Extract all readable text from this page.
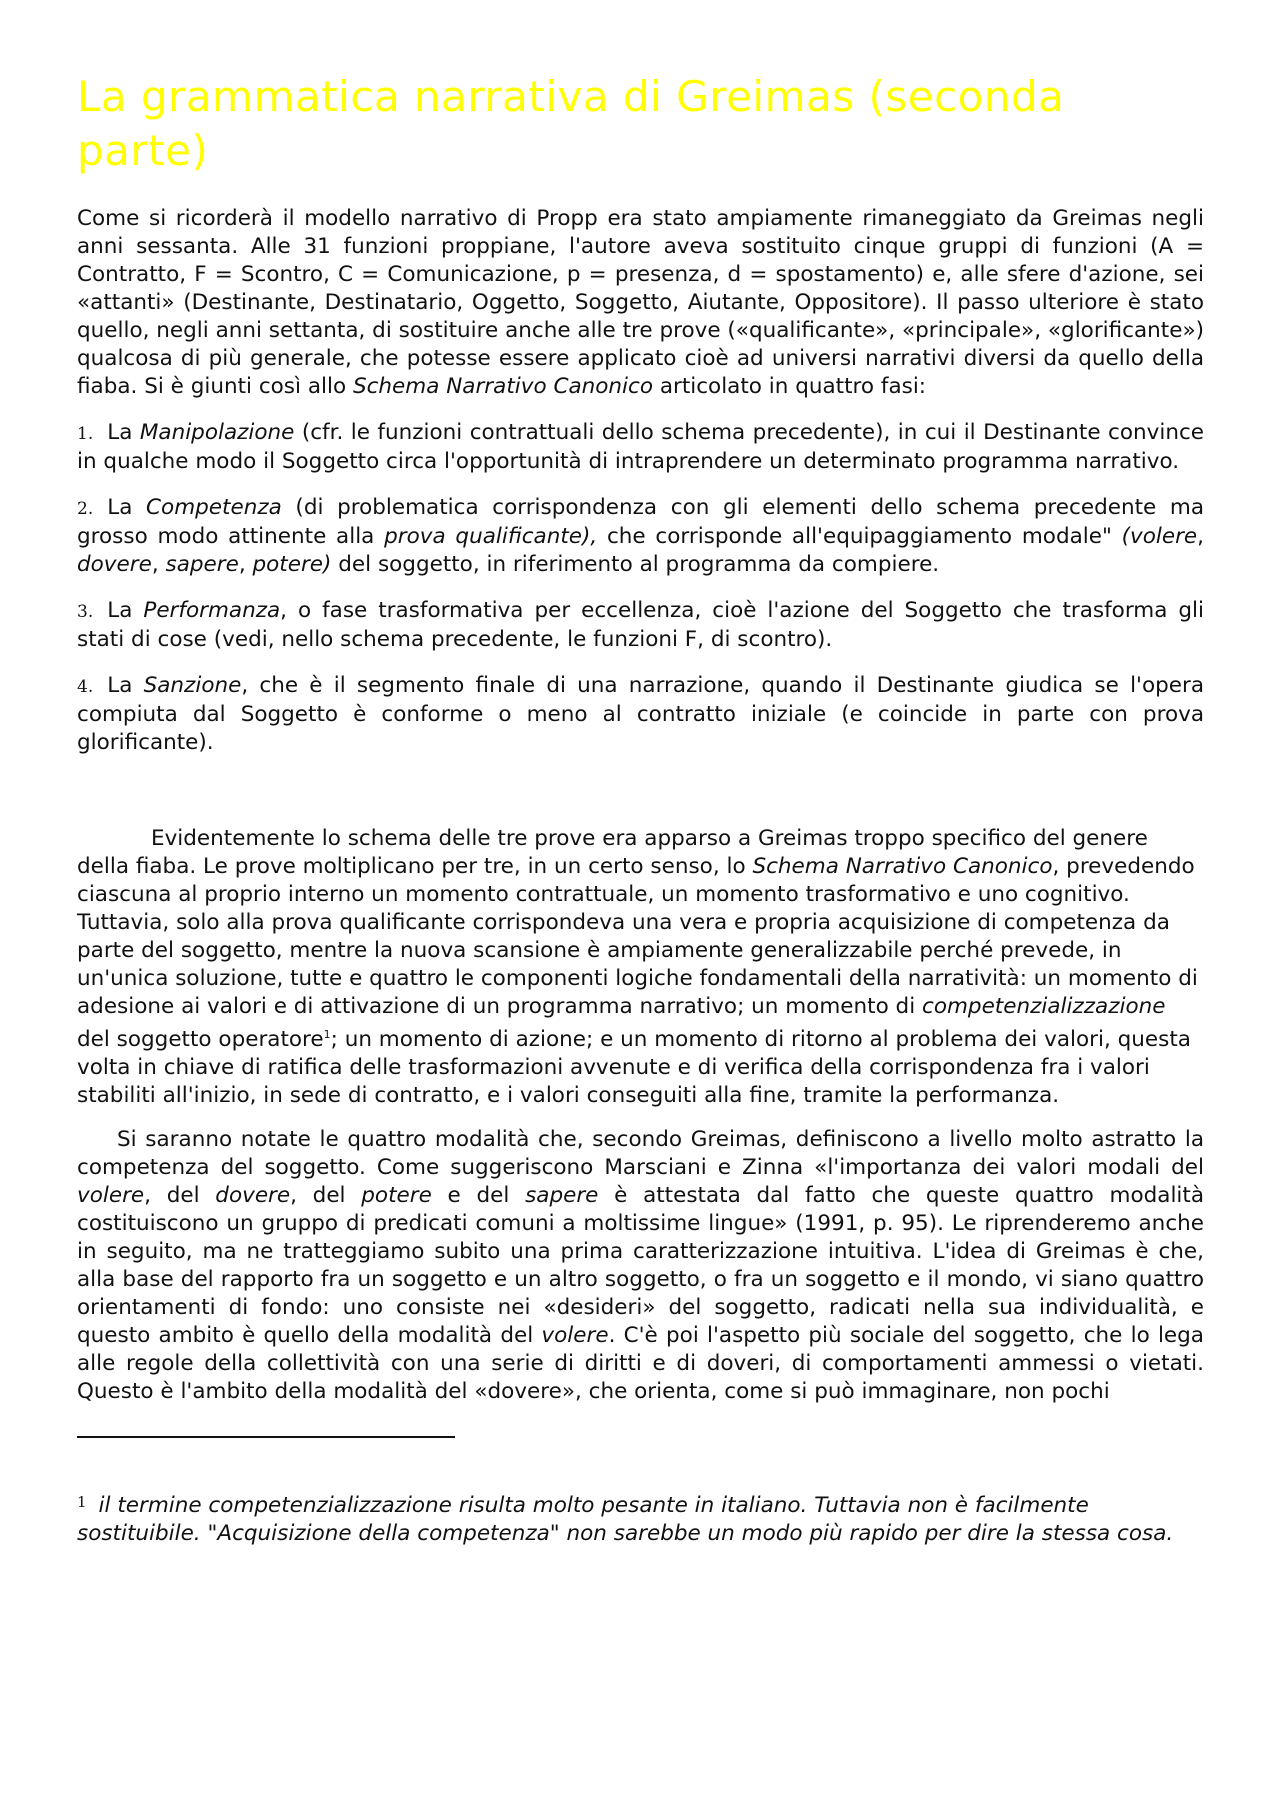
La grammatica narrativa di Greimas (seconda parte)

Come si ricorderà il modello narrativo di Propp era stato ampiamente rimaneggiato da Greimas negli anni sessanta. Alle 31 funzioni proppiane, l'autore aveva sostituito cinque gruppi di funzioni (A = Contratto, F = Scontro, C = Comunicazione, p = presenza, d = spostamento) e, alle sfere d'azione, sei «attanti» (Destinante, Destinatario, Oggetto, Soggetto, Aiutante, Oppositore). Il passo ulteriore è stato quello, negli anni settanta, di sostituire anche alle tre prove («qualificante», «principale», «glorificante») qualcosa di più generale, che potesse essere applicato cioè ad universi narrativi diversi da quello della fiaba. Si è giunti così allo Schema Narrativo Canonico articolato in quattro fasi:

1. La Manipolazione (cfr. le funzioni contrattuali dello schema precedente), in cui il Destinante convince in qualche modo il Soggetto circa l'opportunità di intraprendere un determinato programma narrativo.
2. La Competenza (di problematica corrispondenza con gli elementi dello schema precedente ma grosso modo attinente alla prova qualificante), che corrisponde all'equipaggiamento modale" (volere, dovere, sapere, potere) del soggetto, in riferimento al programma da compiere.
3. La Performanza, o fase trasformativa per eccellenza, cioè l'azione del Soggetto che trasforma gli stati di cose (vedi, nello schema precedente, le funzioni F, di scontro).
4. La Sanzione, che è il segmento finale di una narrazione, quando il Destinante giudica se l'opera compiuta dal Soggetto è conforme o meno al contratto iniziale (e coincide in parte con prova glorificante).

Evidentemente lo schema delle tre prove era apparso a Greimas troppo specifico del genere della fiaba. Le prove moltiplicano per tre, in un certo senso, lo Schema Narrativo Canonico, prevedendo ciascuna al proprio interno un momento contrattuale, un momento trasformativo e uno cognitivo. Tuttavia, solo alla prova qualificante corrispondeva una vera e propria acquisizione di competenza da parte del soggetto, mentre la nuova scansione è ampiamente generalizzabile perché prevede, in un'unica soluzione, tutte e quattro le componenti logiche fondamentali della narratività: un momento di adesione ai valori e di attivazione di un programma narrativo; un momento di competenzializzazione del soggetto operatore$^1$; un momento di azione; e un momento di ritorno al problema dei valori, questa volta in chiave di ratifica delle trasformazioni avvenute e di verifica della corrispondenza fra i valori stabiliti all'inizio, in sede di contratto, e i valori conseguiti alla fine, tramite la performanza.

Si saranno notate le quattro modalità che, secondo Greimas, definiscono a livello molto astratto la competenza del soggetto. Come suggeriscono Marsciani e Zinna «l'importanza dei valori modali del volere, del dovere, del potere e del sapere è attestata dal fatto che queste quattro modalità costituiscono un gruppo di predicati comuni a moltissime lingue» (1991, p. 95). Le riprenderemo anche in seguito, ma ne tratteggiamo subito una prima caratterizzazione intuitiva. L'idea di Greimas è che, alla base del rapporto fra un soggetto e un altro soggetto, o fra un soggetto e il mondo, vi siano quattro orientamenti di fondo: uno consiste nei «desideri» del soggetto, radicati nella sua individualità, e questo ambito è quello della modalità del volere. C'è poi l'aspetto più sociale del soggetto, che lo lega alle regole della collettività con una serie di diritti e di doveri, di comportamenti ammessi o vietati. Questo è l'ambito della modalità del «dovere», che orienta, come si può immaginare, non pochi

$^1$ il termine competenzializzazione risulta molto pesante in italiano. Tuttavia non è facilmente sostituibile. "Acquisizione della competenza" non sarebbe un modo più rapido per dire la stessa cosa.
